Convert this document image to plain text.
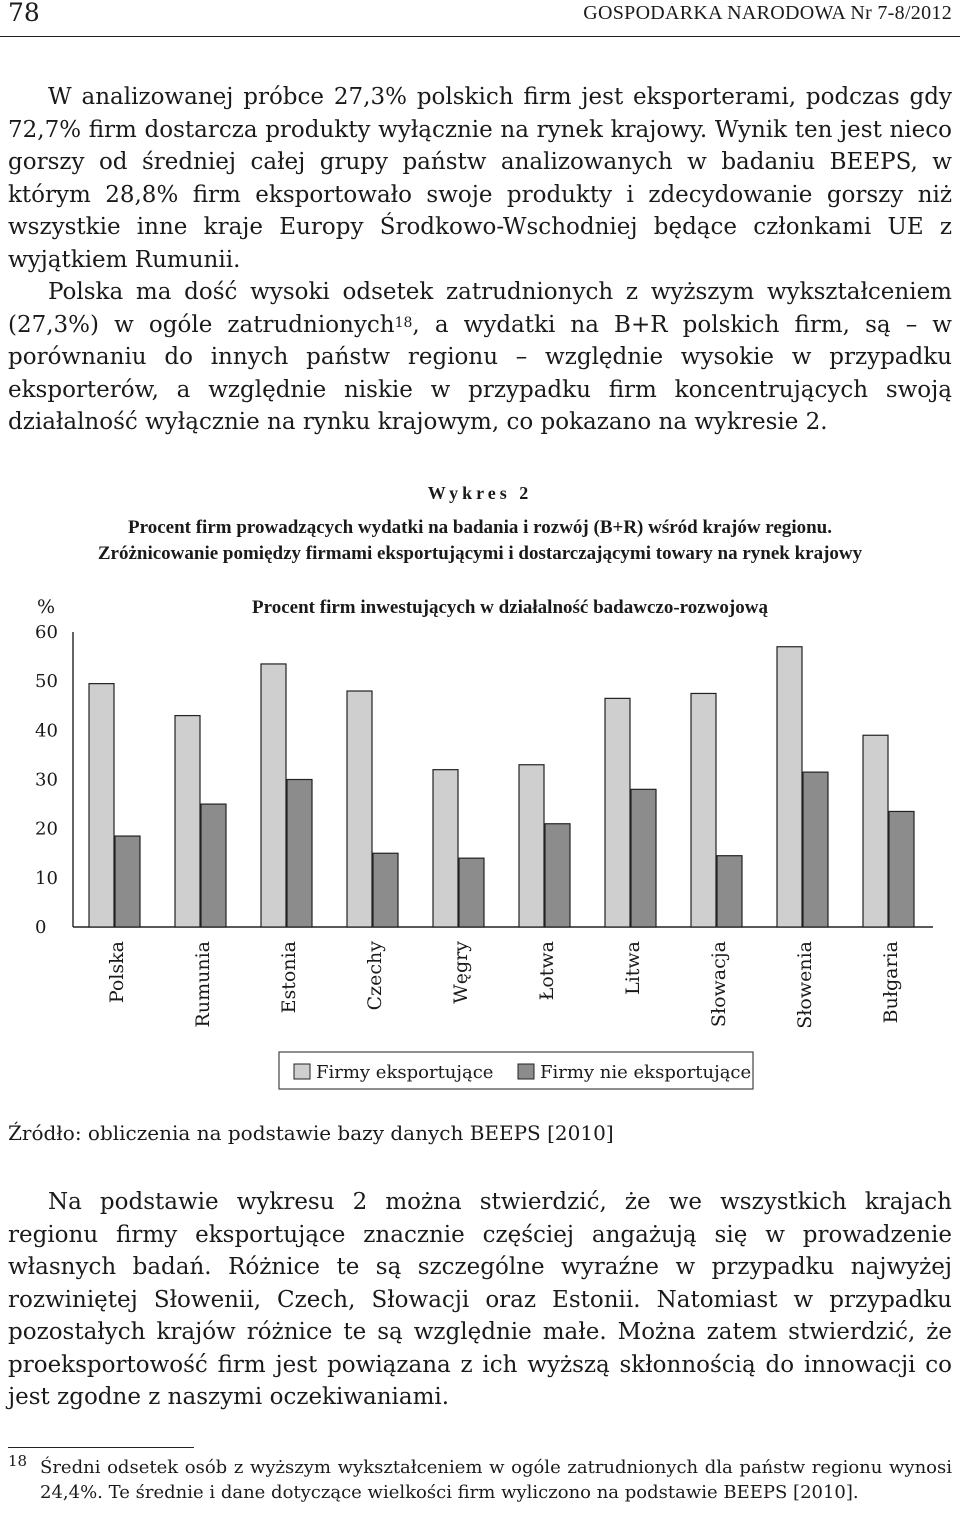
78	GOSPODARKA NARODOWA Nr 7-8/2012

W analizowanej próbce 27,3% polskich firm jest eksporterami, podczas gdy 72,7% firm dostarcza produkty wyłącznie na rynek krajowy. Wynik ten jest nieco gorszy od średniej całej grupy państw analizowanych w badaniu BEEPS, w którym 28,8% firm eksportowało swoje produkty i zdecydowanie gorszy niż wszystkie inne kraje Europy Środkowo-Wschodniej będące członkami UE z wyjątkiem Rumunii.

Polska ma dość wysoki odsetek zatrudnionych z wyższym wykształceniem (27,3%) w ogóle zatrudnionych$^{18}$, a wydatki na B+R polskich firm, są – w porównaniu do innych państw regionu – względnie wysokie w przypadku eksporterów, a względnie niskie w przypadku firm koncentrujących swoją działalność wyłącznie na rynku krajowym, co pokazano na wykresie 2.

Wykres 2
Procent firm prowadzących wydatki na badania i rozwój (B+R) wśród krajów regionu.
Zróżnicowanie pomiędzy firmami eksportującymi i dostarczającymi towary na rynek krajowy
Procent firm inwestujących w działalność badawczo-rozwojową
%
0
10
20
30
40
50
60
Polska	Rumunia	Estonia	Czechy	Węgry	Łotwa	Litwa	Słowacja	Słowenia	Bułgaria
Firmy eksportujące	Firmy nie eksportujące
Źródło: obliczenia na podstawie bazy danych BEEPS [2010]

Na podstawie wykresu 2 można stwierdzić, że we wszystkich krajach regionu firmy eksportujące znacznie częściej angażują się w prowadzenie własnych badań. Różnice te są szczególne wyraźne w przypadku najwyżej rozwiniętej Słowenii, Czech, Słowacji oraz Estonii. Natomiast w przypadku pozostałych krajów różnice te są względnie małe. Można zatem stwierdzić, że proeksportowość firm jest powiązana z ich wyższą skłonnością do innowacji co jest zgodne z naszymi oczekiwaniami.

18 Średni odsetek osób z wyższym wykształceniem w ogóle zatrudnionych dla państw regionu wynosi 24,4%. Te średnie i dane dotyczące wielkości firm wyliczono na podstawie BEEPS [2010].
